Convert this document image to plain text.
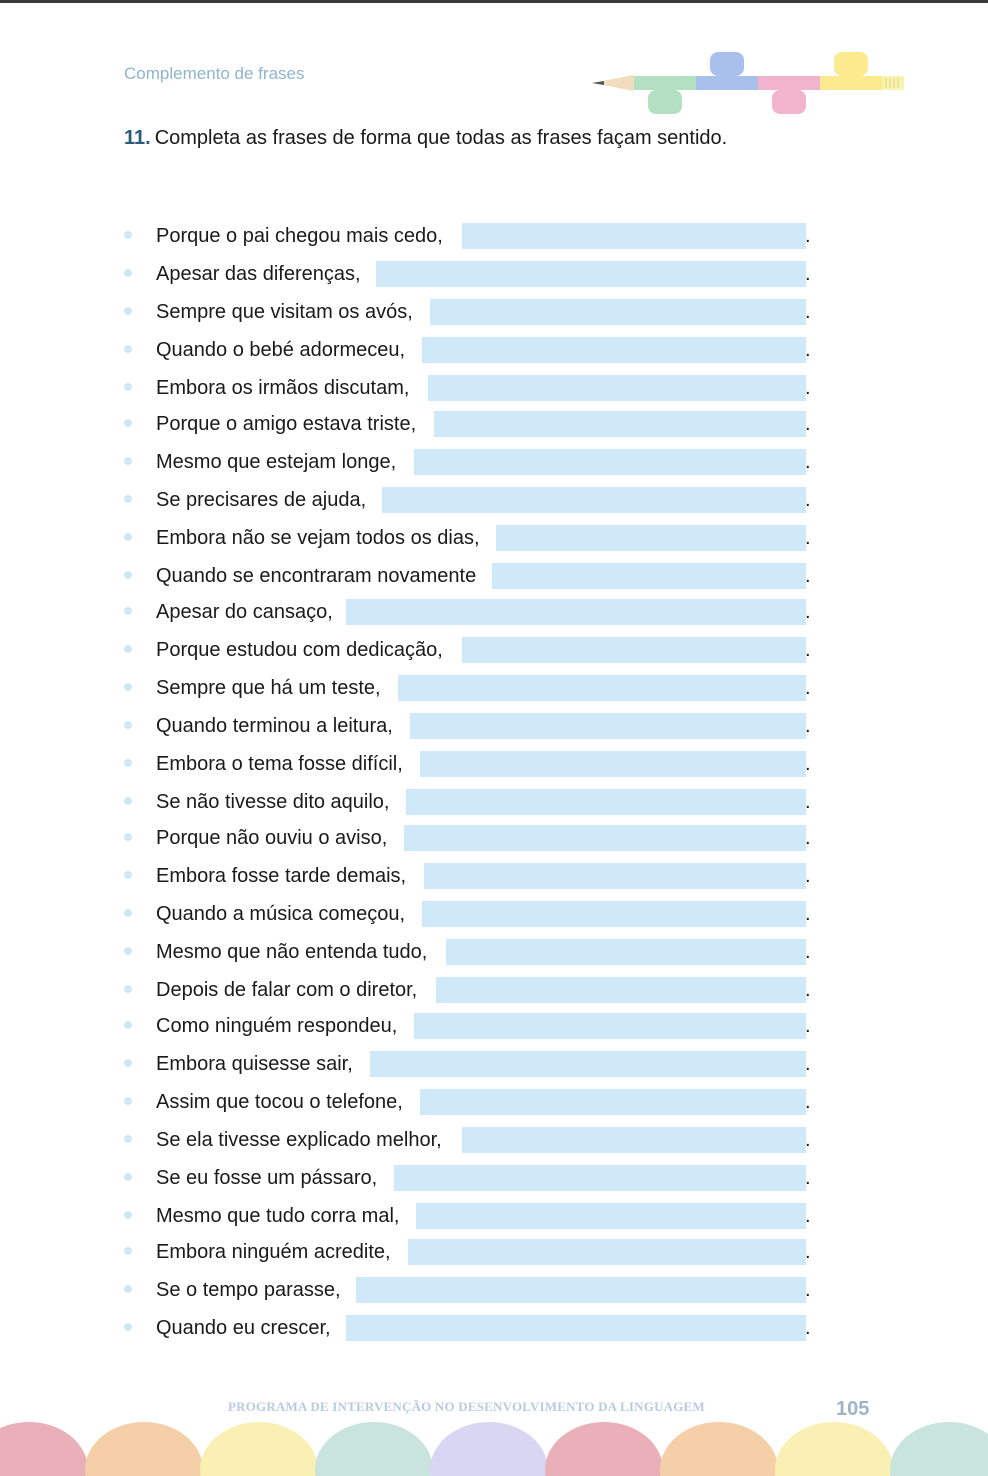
Complemento de frases
11. Completa as frases de forma que todas as frases façam sentido.
Porque o pai chegou mais cedo,	.
Apesar das diferenças,	.
Sempre que visitam os avós,	.
Quando o bebé adormeceu,	.
Embora os irmãos discutam,	.
Porque o amigo estava triste,	.
Mesmo que estejam longe,	.
Se precisares de ajuda,	.
Embora não se vejam todos os dias,	.
Quando se encontraram novamente	.
Apesar do cansaço,	.
Porque estudou com dedicação,	.
Sempre que há um teste,	.
Quando terminou a leitura,	.
Embora o tema fosse difícil,	.
Se não tivesse dito aquilo,	.
Porque não ouviu o aviso,	.
Embora fosse tarde demais,	.
Quando a música começou,	.
Mesmo que não entenda tudo,	.
Depois de falar com o diretor,	.
Como ninguém respondeu,	.
Embora quisesse sair,	.
Assim que tocou o telefone,	.
Se ela tivesse explicado melhor,	.
Se eu fosse um pássaro,	.
Mesmo que tudo corra mal,	.
Embora ninguém acredite,	.
Se o tempo parasse,	.
Quando eu crescer,	.
PROGRAMA DE INTERVENÇÃO NO DESENVOLVIMENTO DA LINGUAGEM	105
